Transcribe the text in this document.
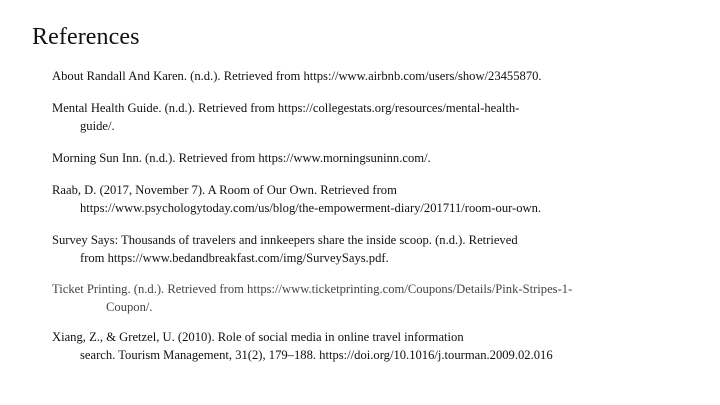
References
About Randall And Karen. (n.d.). Retrieved from https://www.airbnb.com/users/show/23455870.
Mental Health Guide. (n.d.). Retrieved from https://collegestats.org/resources/mental-health-
guide/.
Morning Sun Inn. (n.d.). Retrieved from https://www.morningsuninn.com/.
Raab, D. (2017, November 7). A Room of Our Own. Retrieved from
https://www.psychologytoday.com/us/blog/the-empowerment-diary/201711/room-our-own.
Survey Says: Thousands of travelers and innkeepers share the inside scoop. (n.d.). Retrieved
from https://www.bedandbreakfast.com/img/SurveySays.pdf.
Ticket Printing. (n.d.). Retrieved from https://www.ticketprinting.com/Coupons/Details/Pink-Stripes-1-
Coupon/.
Xiang, Z., & Gretzel, U. (2010). Role of social media in online travel information
search. Tourism Management, 31(2), 179–188. https://doi.org/10.1016/j.tourman.2009.02.016
